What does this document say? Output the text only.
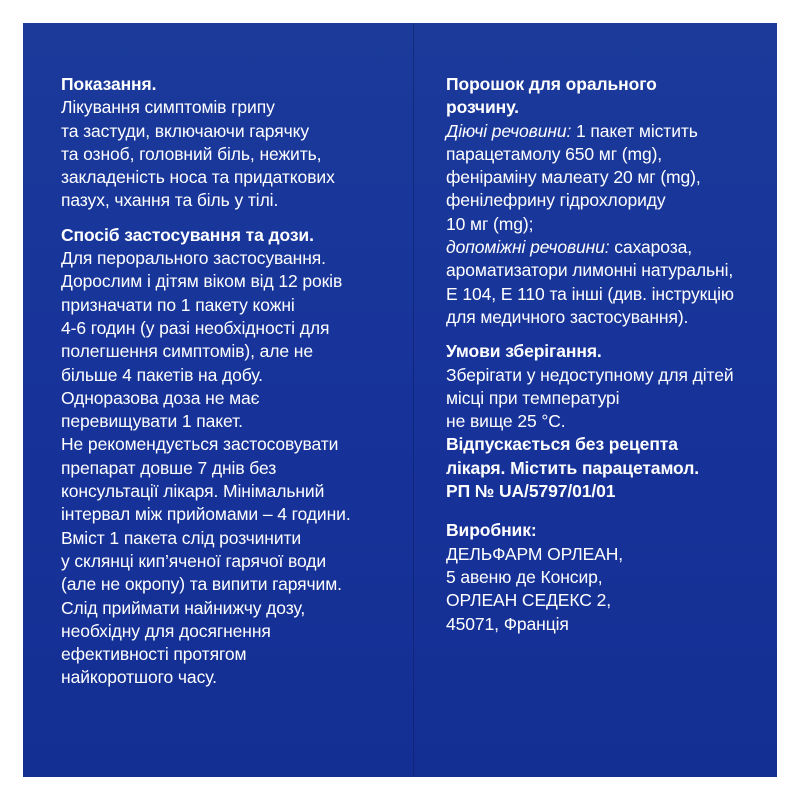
Показання.
Лікування симптомів грипу
та застуди, включаючи гарячку
та озноб, головний біль, нежить,
закладеність носа та придаткових
пазух, чхання та біль у тілі.
Спосіб застосування та дози.
Для перорального застосування.
Дорослим і дітям віком від 12 років
призначати по 1 пакету кожні
4-6 годин (у разі необхідності для
полегшення симптомів), але не
більше 4 пакетів на добу.
Одноразова доза не має
перевищувати 1 пакет.
Не рекомендується застосовувати
препарат довше 7 днів без
консультації лікаря. Мінімальний
інтервал між прийомами – 4 години.
Вміст 1 пакета слід розчинити
у склянці кип’яченої гарячої води
(але не окропу) та випити гарячим.
Слід приймати найнижчу дозу,
необхідну для досягнення
ефективності протягом
найкоротшого часу.
Порошок для орального
розчину.
Діючі речовини: 1 пакет містить
парацетамолу 650 мг (mg),
феніраміну малеату 20 мг (mg),
фенілефрину гідрохлориду
10 мг (mg);
допоміжні речовини: сахароза,
ароматизатори лимонні натуральні,
Е 104, Е 110 та інші (див. інструкцію
для медичного застосування).
Умови зберігання.
Зберігати у недоступному для дітей
місці при температурі
не вище 25 °С.
Відпускається без рецепта
лікаря. Містить парацетамол.
РП № UA/5797/01/01
Виробник:
ДЕЛЬФАРМ ОРЛЕАН,
5 авеню де Консир,
ОРЛЕАН СЕДЕКС 2,
45071, Франція
